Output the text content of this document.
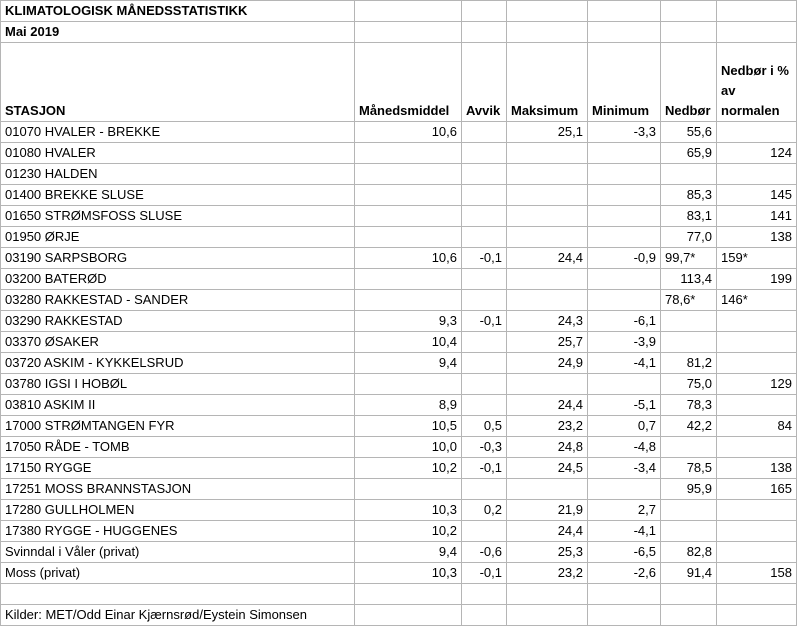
KLIMATOLOGISK MÅNEDSSTATISTIKK						
Mai 2019						
STASJON	Månedsmiddel	Avvik	Maksimum	Minimum	Nedbør	Nedbør i % av normalen
01070 HVALER - BREKKE	10,6		25,1	-3,3	55,6	
01080 HVALER					65,9	124
01230 HALDEN						
01400 BREKKE SLUSE					85,3	145
01650 STRØMSFOSS SLUSE					83,1	141
01950 ØRJE					77,0	138
03190 SARPSBORG	10,6	-0,1	24,4	-0,9	99,7*	159*
03200 BATERØD					113,4	199
03280 RAKKESTAD - SANDER					78,6*	146*
03290 RAKKESTAD	9,3	-0,1	24,3	-6,1		
03370 ØSAKER	10,4		25,7	-3,9		
03720 ASKIM - KYKKELSRUD	9,4		24,9	-4,1	81,2	
03780 IGSI I HOBØL					75,0	129
03810 ASKIM II	8,9		24,4	-5,1	78,3	
17000 STRØMTANGEN FYR	10,5	0,5	23,2	0,7	42,2	84
17050 RÅDE - TOMB	10,0	-0,3	24,8	-4,8		
17150 RYGGE	10,2	-0,1	24,5	-3,4	78,5	138
17251 MOSS BRANNSTASJON					95,9	165
17280 GULLHOLMEN	10,3	0,2	21,9	2,7		
17380 RYGGE - HUGGENES	10,2		24,4	-4,1		
Svinndal i Våler (privat)	9,4	-0,6	25,3	-6,5	82,8	
Moss (privat)	10,3	-0,1	23,2	-2,6	91,4	158

Kilder: MET/Odd Einar Kjærnsrød/Eystein Simonsen						
